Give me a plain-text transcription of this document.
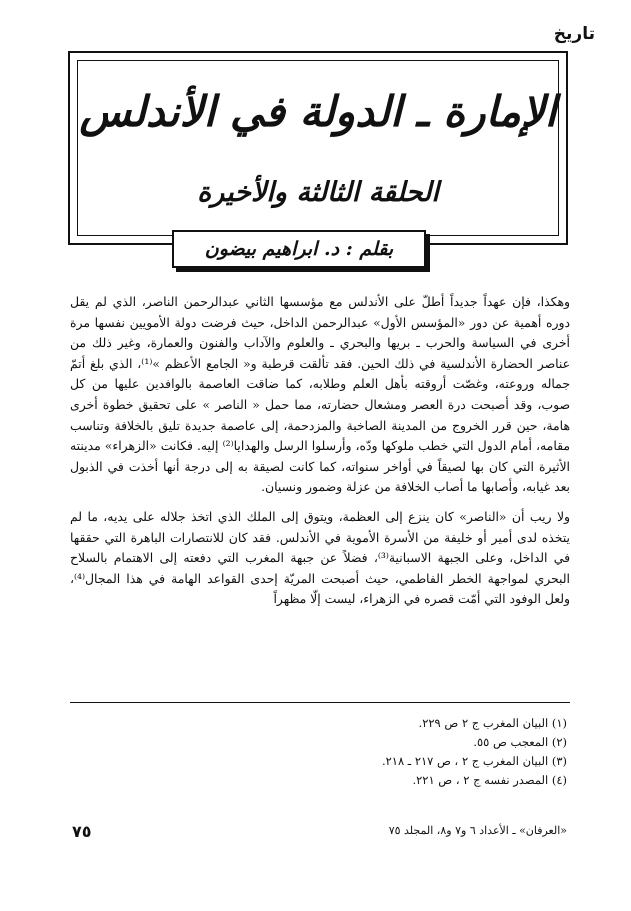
تاريخ
الإمارة ـ الدولة في الأندلس
الحلقة الثالثة والأخيرة
بقلم : د. ابراهيم بيضون

وهكذا، فإن عهداً جديداً أطلّ على الأندلس مع مؤسسها الثاني عبدالرحمن الناصر، الذي لم يقل دوره أهمية عن دور «المؤسس الأول» عبدالرحمن الداخل، حيث فرضت دولة الأمويين نفسها مرة أخرى في السياسة والحرب ـ بريها والبحري ـ والعلوم والآداب والفنون والعمارة، وغير ذلك من عناصر الحضارة الأندلسية في ذلك الحين. فقد تألقت قرطبة و« الجامع الأعظم »⁽¹⁾، الذي بلغ أتمّ جماله وروعته، وغصّت أروقته بأهل العلم وطلابه، كما ضاقت العاصمة بالوافدين عليها من كل صوب، وقد أصبحت درة العصر ومشعال حضارته، مما حمل « الناصر » على تحقيق خطوة أخرى هامة، حين قرر الخروج من المدينة الصاخبة والمزدحمة، إلى عاصمة جديدة تليق بالخلافة وتناسب مقامه، أمام الدول التي خطب ملوكها ودّه، وأرسلوا الرسل والهدايا⁽²⁾ إليه. فكانت «الزهراء» مدينته الأثيرة التي كان بها لصيقاً في أواخر سنواته، كما كانت لصيقة به إلى درجة أنها أخذت في الذبول بعد غيابه، وأصابها ما أصاب الخلافة من عزلة وضمور ونسيان.

ولا ريب أن «الناصر» كان ينزع إلى العظمة، ويتوق إلى الملك الذي اتخذ جلاله على يديه، ما لم يتخذه لدى أمير أو خليفة من الأسرة الأموية في الأندلس. فقد كان للانتصارات الباهرة التي حققها في الداخل، وعلى الجبهة الاسبانية⁽³⁾، فضلاً عن جبهة المغرب التي دفعته إلى الاهتمام بالسلاح البحري لمواجهة الخطر الفاطمي، حيث أصبحت المريّة إحدى القواعد الهامة في هذا المجال⁽⁴⁾، ولعل الوفود التي أمّت قصره في الزهراء، ليست إلّا مظهراً

(١) البيان المغرب ج ٢ ص ٢٢٩.
(٢) المعجب ص ٥٥.
(٣) البيان المغرب ج ٢ ، ص ٢١٧ ـ ٢١٨.
(٤) المصدر نفسه ج ٢ ، ص ٢٢١.
٧٥	«العرفان» ـ الأعداد ٦ و٧ و٨، المجلد ٧٥
